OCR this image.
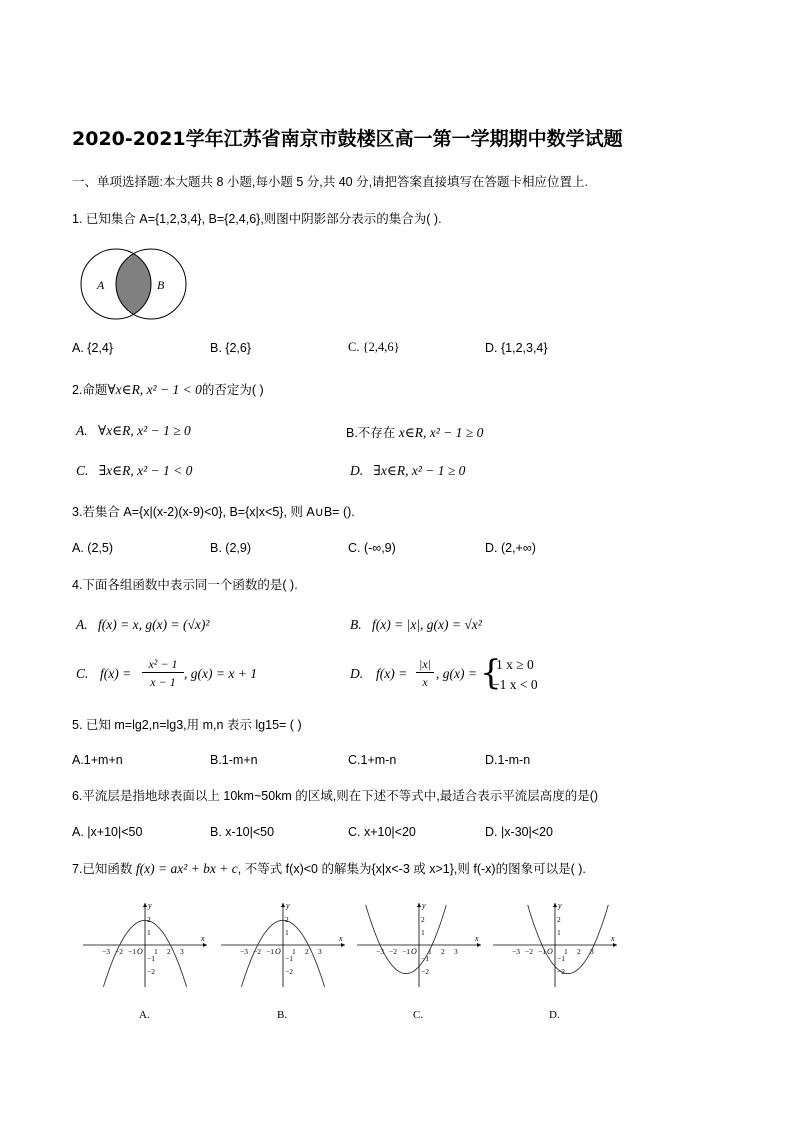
2020-2021学年江苏省南京市鼓楼区高一第一学期期中数学试题
一、单项选择题:本大题共 8 小题,每小题 5 分,共 40 分,请把答案直接填写在答题卡相应位置上.
1. 已知集合 A={1,2,3,4}, B={2,4,6},则图中阴影部分表示的集合为( ).
A	B
A. {2,4}	B. {2,6}	C. {2,4,6}	D. {1,2,3,4}
2.命题∀x∈R, x² − 1 < 0的否定为( )
A. ∀x∈R, x² − 1 ≥ 0	B.不存在 x∈R, x² − 1 ≥ 0
C. ∃x∈R, x² − 1 < 0	D. ∃x∈R, x² − 1 ≥ 0
3.若集合 A={x|(x-2)(x-9)<0}, B={x|x<5}, 则 A∪B= ().
A. (2,5)	B. (2,9)	C. (-∞,9)	D. (2,+∞)
4.下面各组函数中表示同一个函数的是( ).
A. f(x) = x, g(x) = (√x)²	B. f(x) = |x|, g(x) = √x²
C. f(x) =
x² − 1
x − 1
, g(x) = x + 1	D. f(x) =
|x|
x
, g(x) = {
1 x ≥ 0
−1 x < 0
5. 已知 m=lg2,n=lg3,用 m,n 表示 lg15= ( )
A.1+m+n	B.1-m+n	C.1+m-n	D.1-m-n
6.平流层是指地球表面以上 10km~50km 的区域,则在下述不等式中,最适合表示平流层高度的是()
A. |x+10|<50	B. x-10|<50	C. x+10|<20	D. |x-30|<20
7.已知函数 f(x) = ax² + bx + c, 不等式 f(x)<0 的解集为{x|x<-3 或 x>1},则 f(-x)的图象可以是( ).
x
y
O
−3 −2 −1 1 2 3
2
1
−1
−2
A.
x
y
O
−3 −2 −1 1 2 3
2
1
−1
−2
B.
x
y
O
−3 −2 −1 1 2 3
2
1
−1
−2
C.
x
y
O
−3 −2 −1 1 2 3
2
1
−1
−2
D.
